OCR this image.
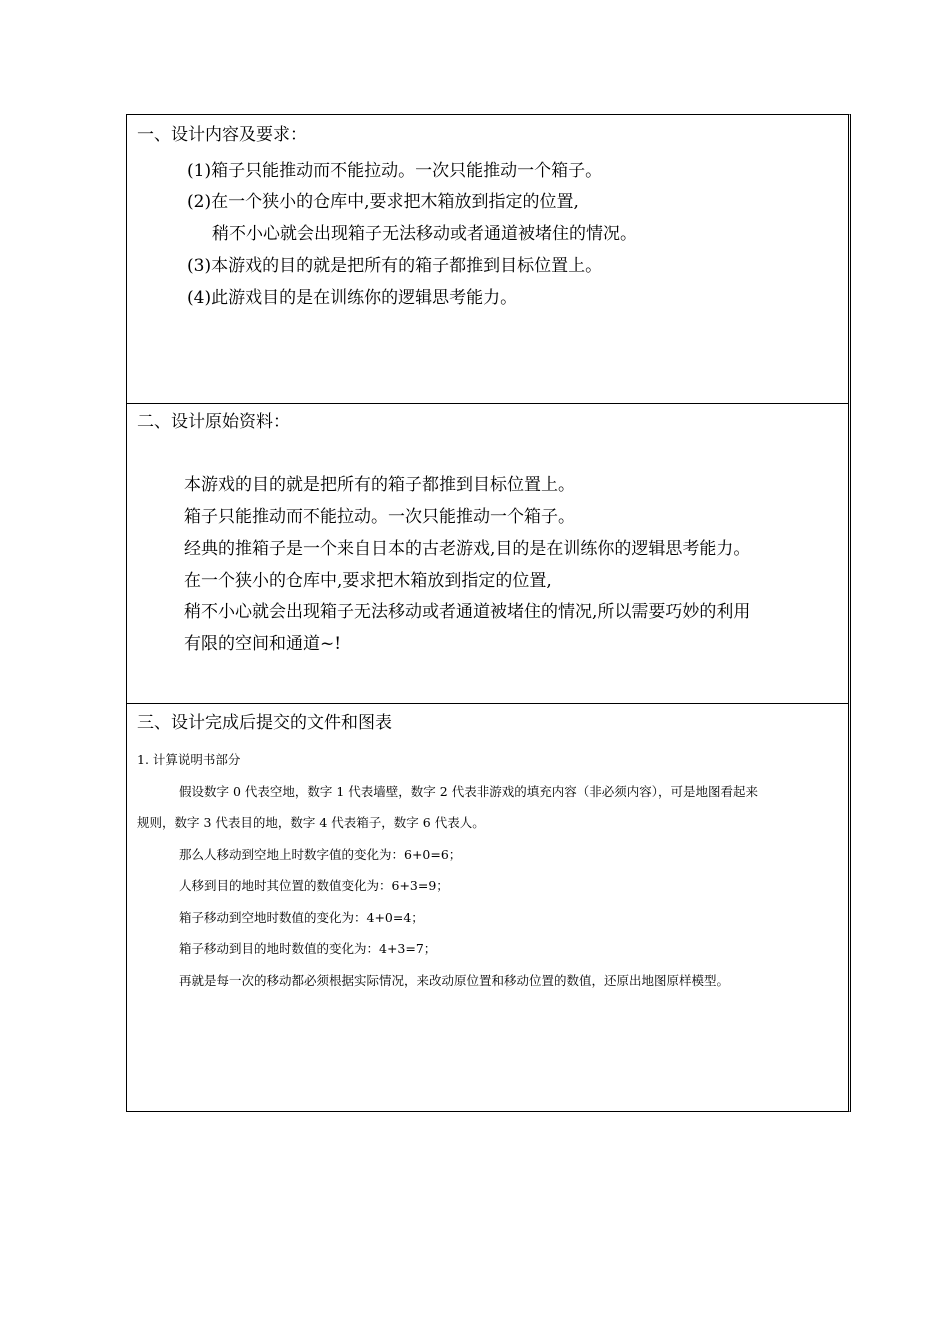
一、设计内容及要求：
(1)箱子只能推动而不能拉动。一次只能推动一个箱子。
(2)在一个狭小的仓库中,要求把木箱放到指定的位置,
稍不小心就会出现箱子无法移动或者通道被堵住的情况。
(3)本游戏的目的就是把所有的箱子都推到目标位置上。
(4)此游戏目的是在训练你的逻辑思考能力。
二、设计原始资料：
本游戏的目的就是把所有的箱子都推到目标位置上。
箱子只能推动而不能拉动。一次只能推动一个箱子。
经典的推箱子是一个来自日本的古老游戏,目的是在训练你的逻辑思考能力。
在一个狭小的仓库中,要求把木箱放到指定的位置,
稍不小心就会出现箱子无法移动或者通道被堵住的情况,所以需要巧妙的利用
有限的空间和通道~!
三、设计完成后提交的文件和图表
1. 计算说明书部分
假设数字 0 代表空地，数字 1 代表墙壁，数字 2 代表非游戏的填充内容（非必须内容），可是地图看起来
规则，数字 3 代表目的地，数字 4 代表箱子，数字 6 代表人。
那么人移动到空地上时数字值的变化为：6+0=6；
人移到目的地时其位置的数值变化为：6+3=9；
箱子移动到空地时数值的变化为：4+0=4；
箱子移动到目的地时数值的变化为：4+3=7；
再就是每一次的移动都必须根据实际情况，来改动原位置和移动位置的数值，还原出地图原样模型。
